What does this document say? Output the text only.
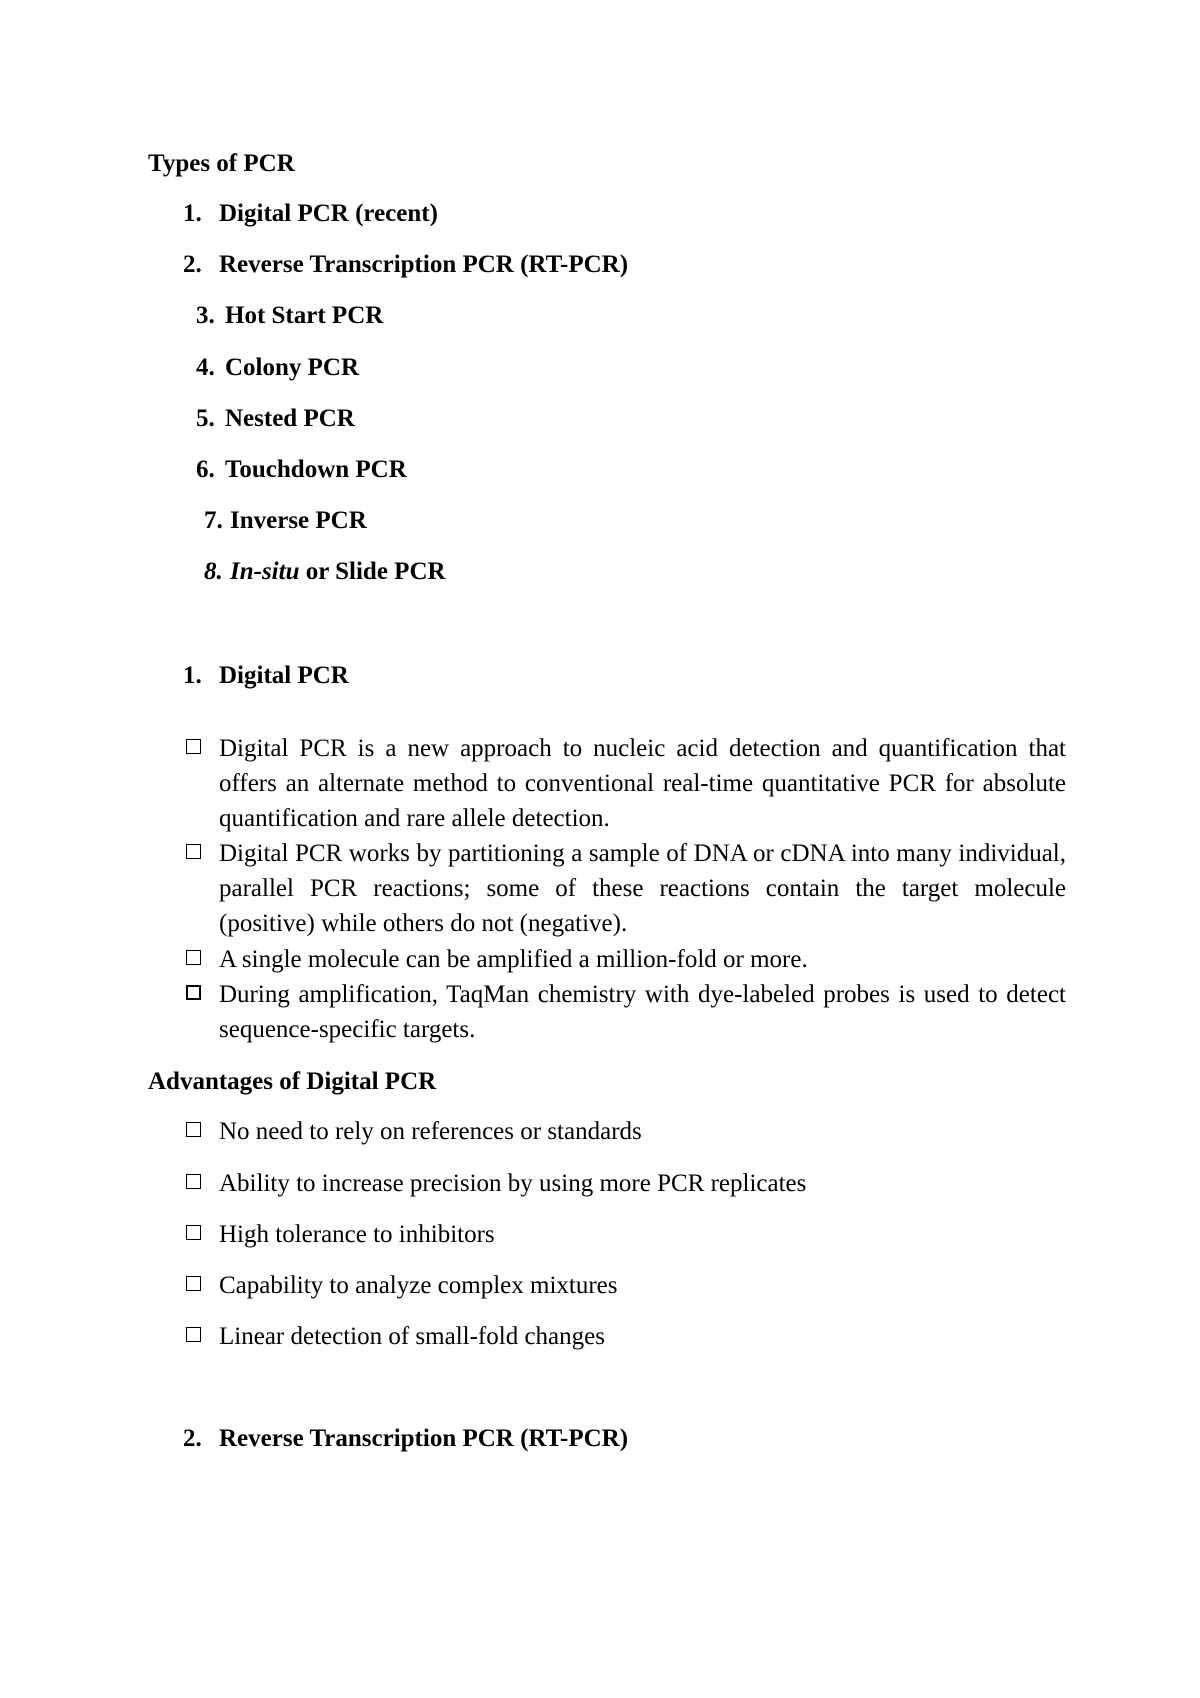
Types of PCR
1. Digital PCR (recent)
2. Reverse Transcription PCR (RT-PCR)
3. Hot Start PCR
4. Colony PCR
5. Nested PCR
6. Touchdown PCR
7. Inverse PCR
8. In-situ or Slide PCR
1. Digital PCR
Digital PCR is a new approach to nucleic acid detection and quantification that offers an alternate method to conventional real-time quantitative PCR for absolute quantification and rare allele detection.
Digital PCR works by partitioning a sample of DNA or cDNA into many individual, parallel PCR reactions; some of these reactions contain the target molecule (positive) while others do not (negative).
A single molecule can be amplified a million-fold or more.
During amplification, TaqMan chemistry with dye-labeled probes is used to detect sequence-specific targets.
Advantages of Digital PCR
No need to rely on references or standards
Ability to increase precision by using more PCR replicates
High tolerance to inhibitors
Capability to analyze complex mixtures
Linear detection of small-fold changes
2. Reverse Transcription PCR (RT-PCR)
